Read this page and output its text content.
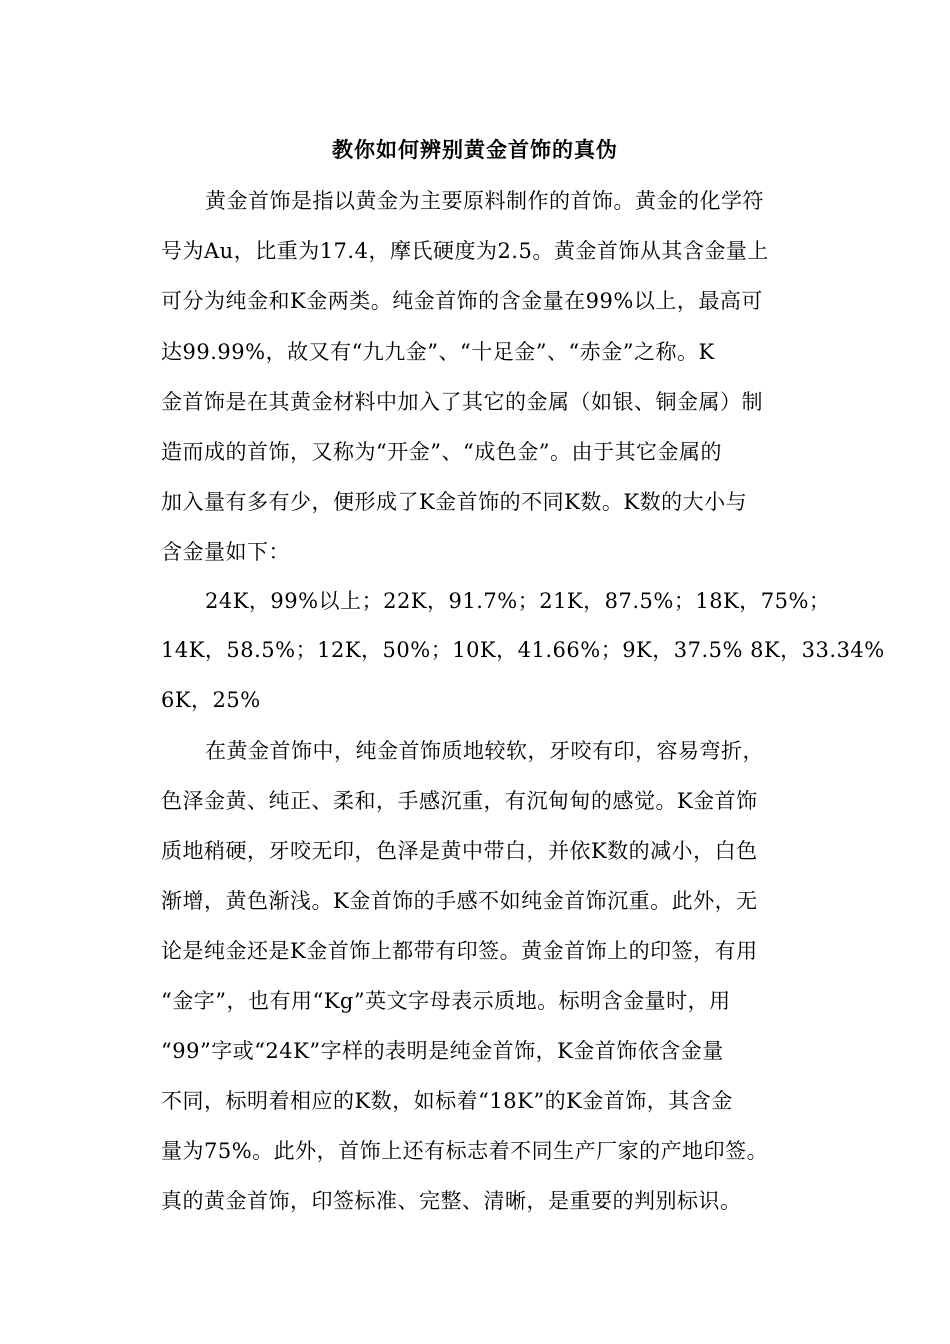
教你如何辨别黄金首饰的真伪
黄金首饰是指以黄金为主要原料制作的首饰。黄金的化学符
号为Au，比重为17.4，摩氏硬度为2.5。黄金首饰从其含金量上
可分为纯金和K金两类。纯金首饰的含金量在99%以上，最高可
达99.99%，故又有“九九金”、“十足金”、“赤金”之称。K
金首饰是在其黄金材料中加入了其它的金属（如银、铜金属）制
造而成的首饰，又称为“开金”、“成色金”。由于其它金属的
加入量有多有少，便形成了K金首饰的不同K数。K数的大小与
含金量如下：
24K，99%以上；22K，91.7%；21K，87.5%；18K，75%；
14K，58.5%；12K，50%；10K，41.66%；9K，37.5% 8K，33.34%
6K，25%
在黄金首饰中，纯金首饰质地较软，牙咬有印，容易弯折，
色泽金黄、纯正、柔和，手感沉重，有沉甸甸的感觉。K金首饰
质地稍硬，牙咬无印，色泽是黄中带白，并依K数的减小，白色
渐增，黄色渐浅。K金首饰的手感不如纯金首饰沉重。此外，无
论是纯金还是K金首饰上都带有印签。黄金首饰上的印签，有用
“金字”，也有用“Kg”英文字母表示质地。标明含金量时，用
“99”字或“24K”字样的表明是纯金首饰，K金首饰依含金量
不同，标明着相应的K数，如标着“18K”的K金首饰，其含金
量为75%。此外，首饰上还有标志着不同生产厂家的产地印签。
真的黄金首饰，印签标准、完整、清晰，是重要的判别标识。
